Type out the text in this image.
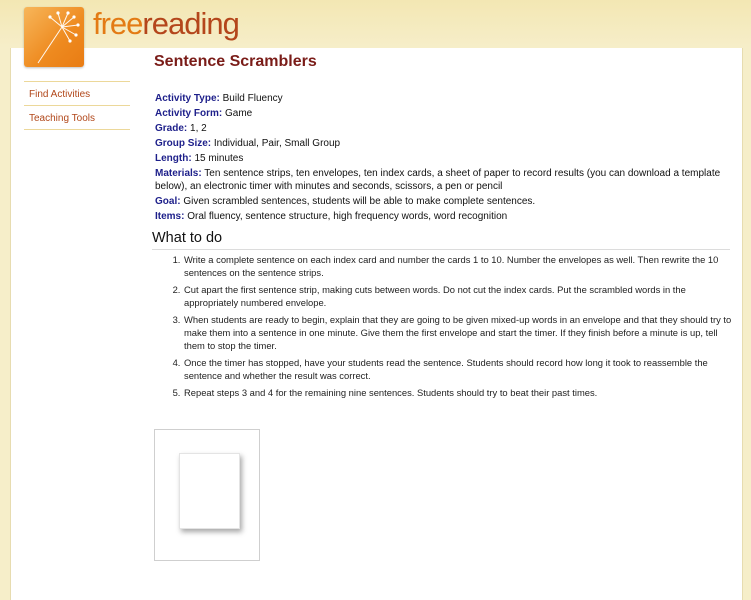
freereading
Find Activities
Teaching Tools
Sentence Scramblers
Activity Type: Build Fluency
Activity Form: Game
Grade: 1, 2
Group Size: Individual, Pair, Small Group
Length: 15 minutes
Materials: Ten sentence strips, ten envelopes, ten index cards, a sheet of paper to record results (you can download a template below), an electronic timer with minutes and seconds, scissors, a pen or pencil
Goal: Given scrambled sentences, students will be able to make complete sentences.
Items: Oral fluency, sentence structure, high frequency words, word recognition
What to do
1. Write a complete sentence on each index card and number the cards 1 to 10. Number the envelopes as well. Then rewrite the 10 sentences on the sentence strips.
2. Cut apart the first sentence strip, making cuts between words. Do not cut the index cards. Put the scrambled words in the appropriately numbered envelope.
3. When students are ready to begin, explain that they are going to be given mixed-up words in an envelope and that they should try to make them into a sentence in one minute. Give them the first envelope and start the timer. If they finish before a minute is up, tell them to stop the timer.
4. Once the timer has stopped, have your students read the sentence. Students should record how long it took to reassemble the sentence and whether the result was correct.
5. Repeat steps 3 and 4 for the remaining nine sentences. Students should try to beat their past times.
